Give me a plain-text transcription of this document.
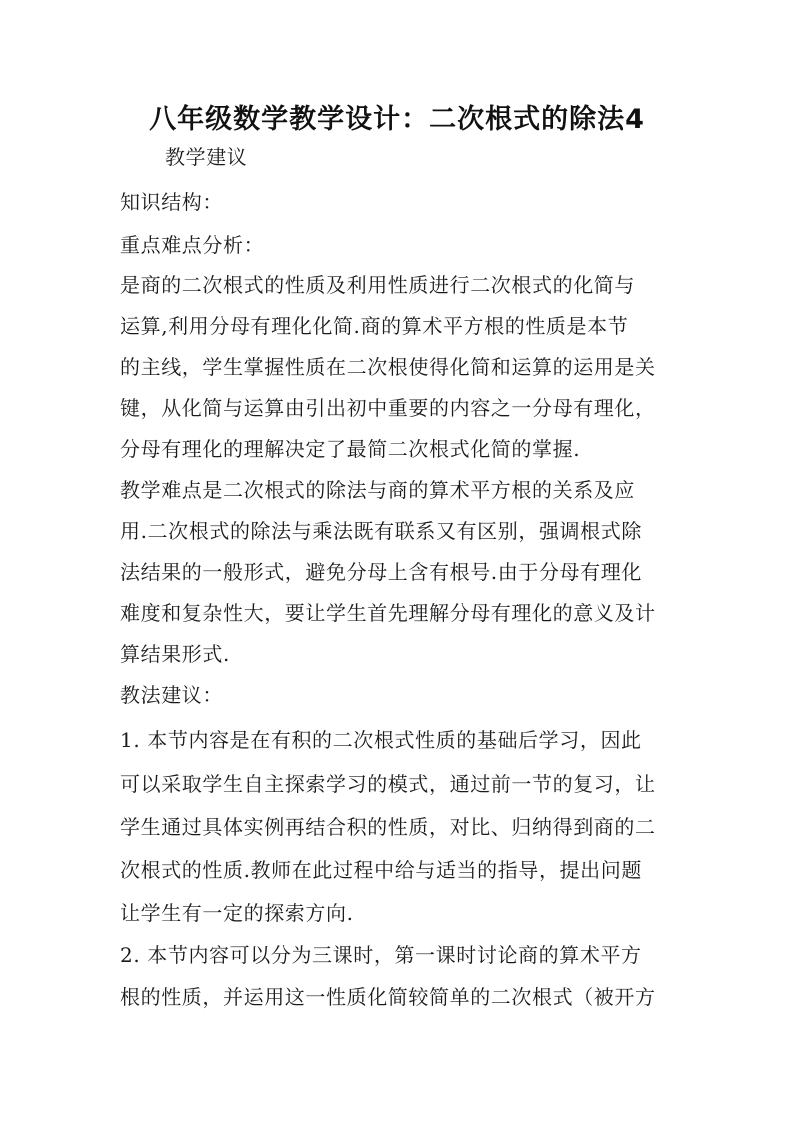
八年级数学教学设计：二次根式的除法4
教学建议
知识结构：
重点难点分析：
是商的二次根式的性质及利用性质进行二次根式的化简与
运算,利用分母有理化化简.商的算术平方根的性质是本节
的主线，学生掌握性质在二次根使得化简和运算的运用是关
键，从化简与运算由引出初中重要的内容之一分母有理化，
分母有理化的理解决定了最简二次根式化简的掌握.
教学难点是二次根式的除法与商的算术平方根的关系及应
用.二次根式的除法与乘法既有联系又有区别，强调根式除
法结果的一般形式，避免分母上含有根号.由于分母有理化
难度和复杂性大，要让学生首先理解分母有理化的意义及计
算结果形式.
教法建议：
1. 本节内容是在有积的二次根式性质的基础后学习，因此
可以采取学生自主探索学习的模式，通过前一节的复习，让
学生通过具体实例再结合积的性质，对比、归纳得到商的二
次根式的性质.教师在此过程中给与适当的指导，提出问题
让学生有一定的探索方向.
2. 本节内容可以分为三课时，第一课时讨论商的算术平方
根的性质，并运用这一性质化简较简单的二次根式（被开方
